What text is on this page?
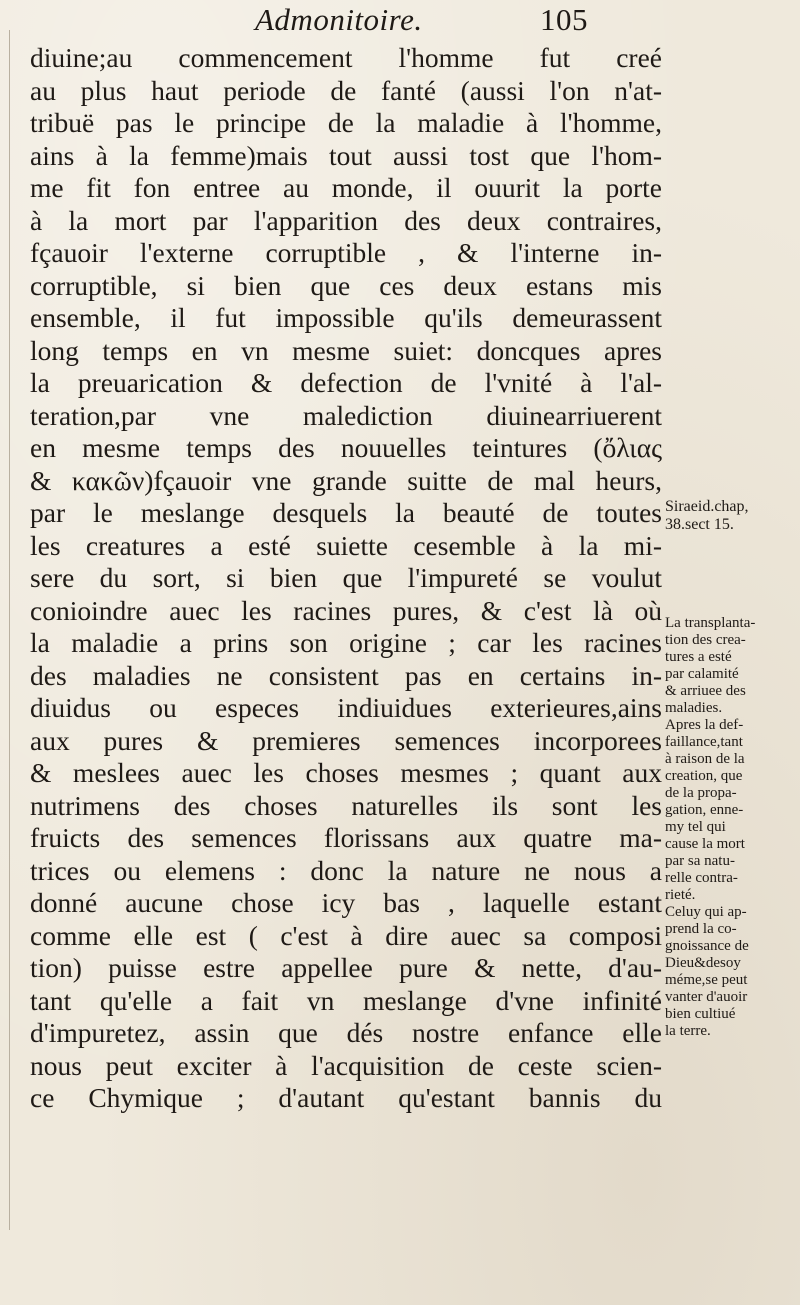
Admonitoire.	105
diuine;au commencement l'homme fut creé
au plus haut periode de fanté (aussi l'on n'at-
tribuë pas le principe de la maladie à l'homme,
ains à la femme)mais tout aussi tost que l'hom-
me fit fon entree au monde, il ouurit la porte
à la mort par l'apparition des deux contraires,
fçauoir l'externe corruptible , & l'interne in-
corruptible, si bien que ces deux estans mis
ensemble, il fut impossible qu'ils demeurassent
long temps en vn mesme suiet: doncques apres
la preuarication & defection de l'vnité à l'al-
teration,par vne malediction diuinearriuerent
en mesme temps des nouuelles teintures (ὄλιας
& κακῶν)fçauoir vne grande suitte de mal heurs,
par le meslange desquels la beauté de toutes
les creatures a esté suiette cesemble à la mi-
sere du sort, si bien que l'impureté se voulut
conioindre auec les racines pures, & c'est là où
la maladie a prins son origine ; car les racines
des maladies ne consistent pas en certains in-
diuidus ou especes indiuidues exterieures,ains
aux pures & premieres semences incorporees
& meslees auec les choses mesmes ; quant aux
nutrimens des choses naturelles ils sont les
fruicts des semences florissans aux quatre ma-
trices ou elemens : donc la nature ne nous a
donné aucune chose icy bas , laquelle estant
comme elle est ( c'est à dire auec sa composi
tion) puisse estre appellee pure & nette, d'au-
tant qu'elle a fait vn meslange d'vne infinité
d'impuretez, assin que dés nostre enfance elle
nous peut exciter à l'acquisition de ceste scien-
ce Chymique ; d'autant qu'estant bannis du
Siraeid.chap,
38.sect 15.
La transplanta-
tion des crea-
tures a esté
par calamité
& arriuee des
maladies.
Apres la def-
faillance,tant
à raison de la
creation, que
de la propa-
gation, enne-
my tel qui
cause la mort
par sa natu-
relle contra-
rieté.
Celuy qui ap-
prend la co-
gnoissance de
Dieu&desoy
méme,se peut
vanter d'auoir
bien cultiué
la terre.
